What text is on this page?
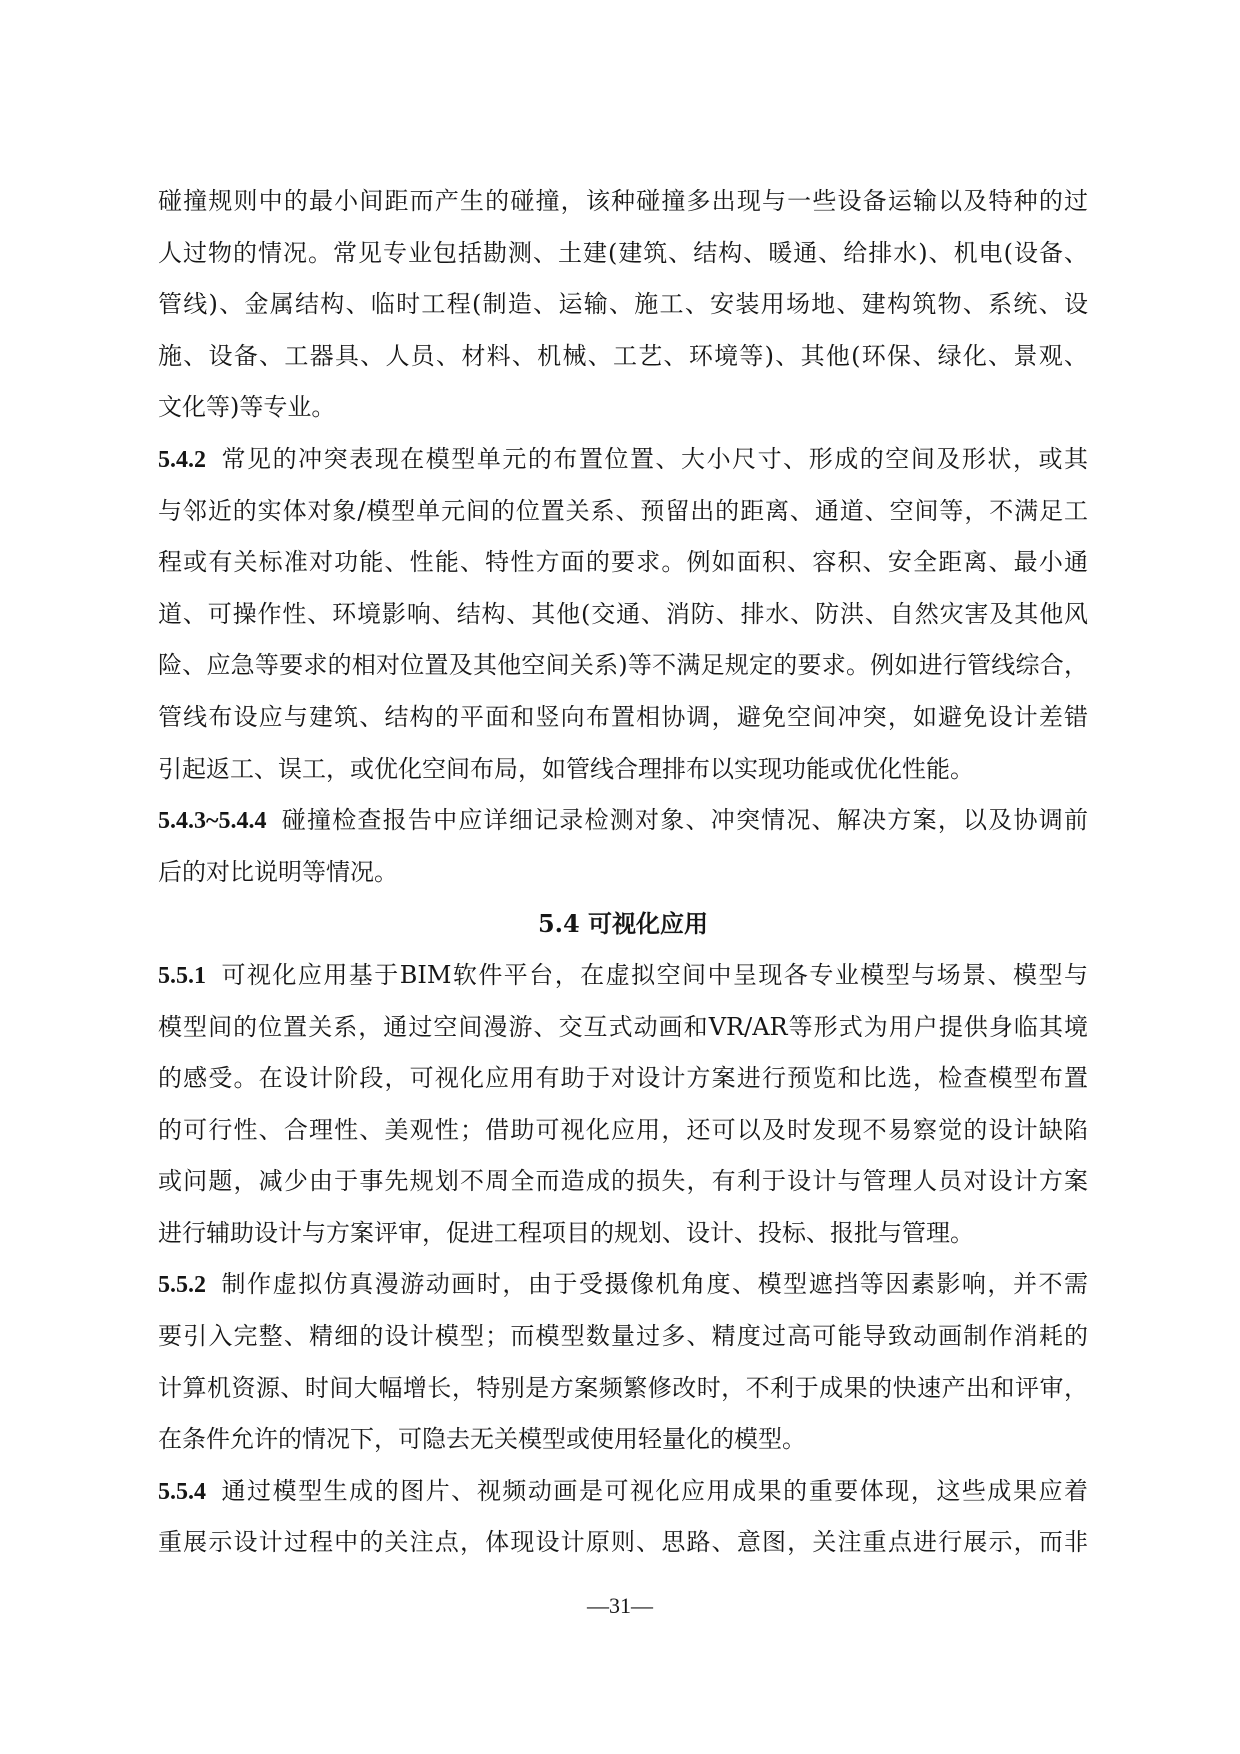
碰撞规则中的最小间距而产生的碰撞，该种碰撞多出现与一些设备运输以及特种的过
人过物的情况。常见专业包括勘测、土建(建筑、结构、暖通、给排水)、机电(设备、
管线)、金属结构、临时工程(制造、运输、施工、安装用场地、建构筑物、系统、设
施、设备、工器具、人员、材料、机械、工艺、环境等)、其他(环保、绿化、景观、
文化等)等专业。
5.4.2 常见的冲突表现在模型单元的布置位置、大小尺寸、形成的空间及形状，或其
与邻近的实体对象/模型单元间的位置关系、预留出的距离、通道、空间等，不满足工
程或有关标准对功能、性能、特性方面的要求。例如面积、容积、安全距离、最小通
道、可操作性、环境影响、结构、其他(交通、消防、排水、防洪、自然灾害及其他风
险、应急等要求的相对位置及其他空间关系)等不满足规定的要求。例如进行管线综合，
管线布设应与建筑、结构的平面和竖向布置相协调，避免空间冲突，如避免设计差错
引起返工、误工，或优化空间布局，如管线合理排布以实现功能或优化性能。
5.4.3~5.4.4 碰撞检查报告中应详细记录检测对象、冲突情况、解决方案，以及协调前
后的对比说明等情况。
5.4 可视化应用
5.5.1 可视化应用基于BIM软件平台，在虚拟空间中呈现各专业模型与场景、模型与
模型间的位置关系，通过空间漫游、交互式动画和VR/AR等形式为用户提供身临其境
的感受。在设计阶段，可视化应用有助于对设计方案进行预览和比选，检查模型布置
的可行性、合理性、美观性；借助可视化应用，还可以及时发现不易察觉的设计缺陷
或问题，减少由于事先规划不周全而造成的损失，有利于设计与管理人员对设计方案
进行辅助设计与方案评审，促进工程项目的规划、设计、投标、报批与管理。
5.5.2 制作虚拟仿真漫游动画时，由于受摄像机角度、模型遮挡等因素影响，并不需
要引入完整、精细的设计模型；而模型数量过多、精度过高可能导致动画制作消耗的
计算机资源、时间大幅增长，特别是方案频繁修改时，不利于成果的快速产出和评审，
在条件允许的情况下，可隐去无关模型或使用轻量化的模型。
5.5.4 通过模型生成的图片、视频动画是可视化应用成果的重要体现，这些成果应着
重展示设计过程中的关注点，体现设计原则、思路、意图，关注重点进行展示，而非
—31—
